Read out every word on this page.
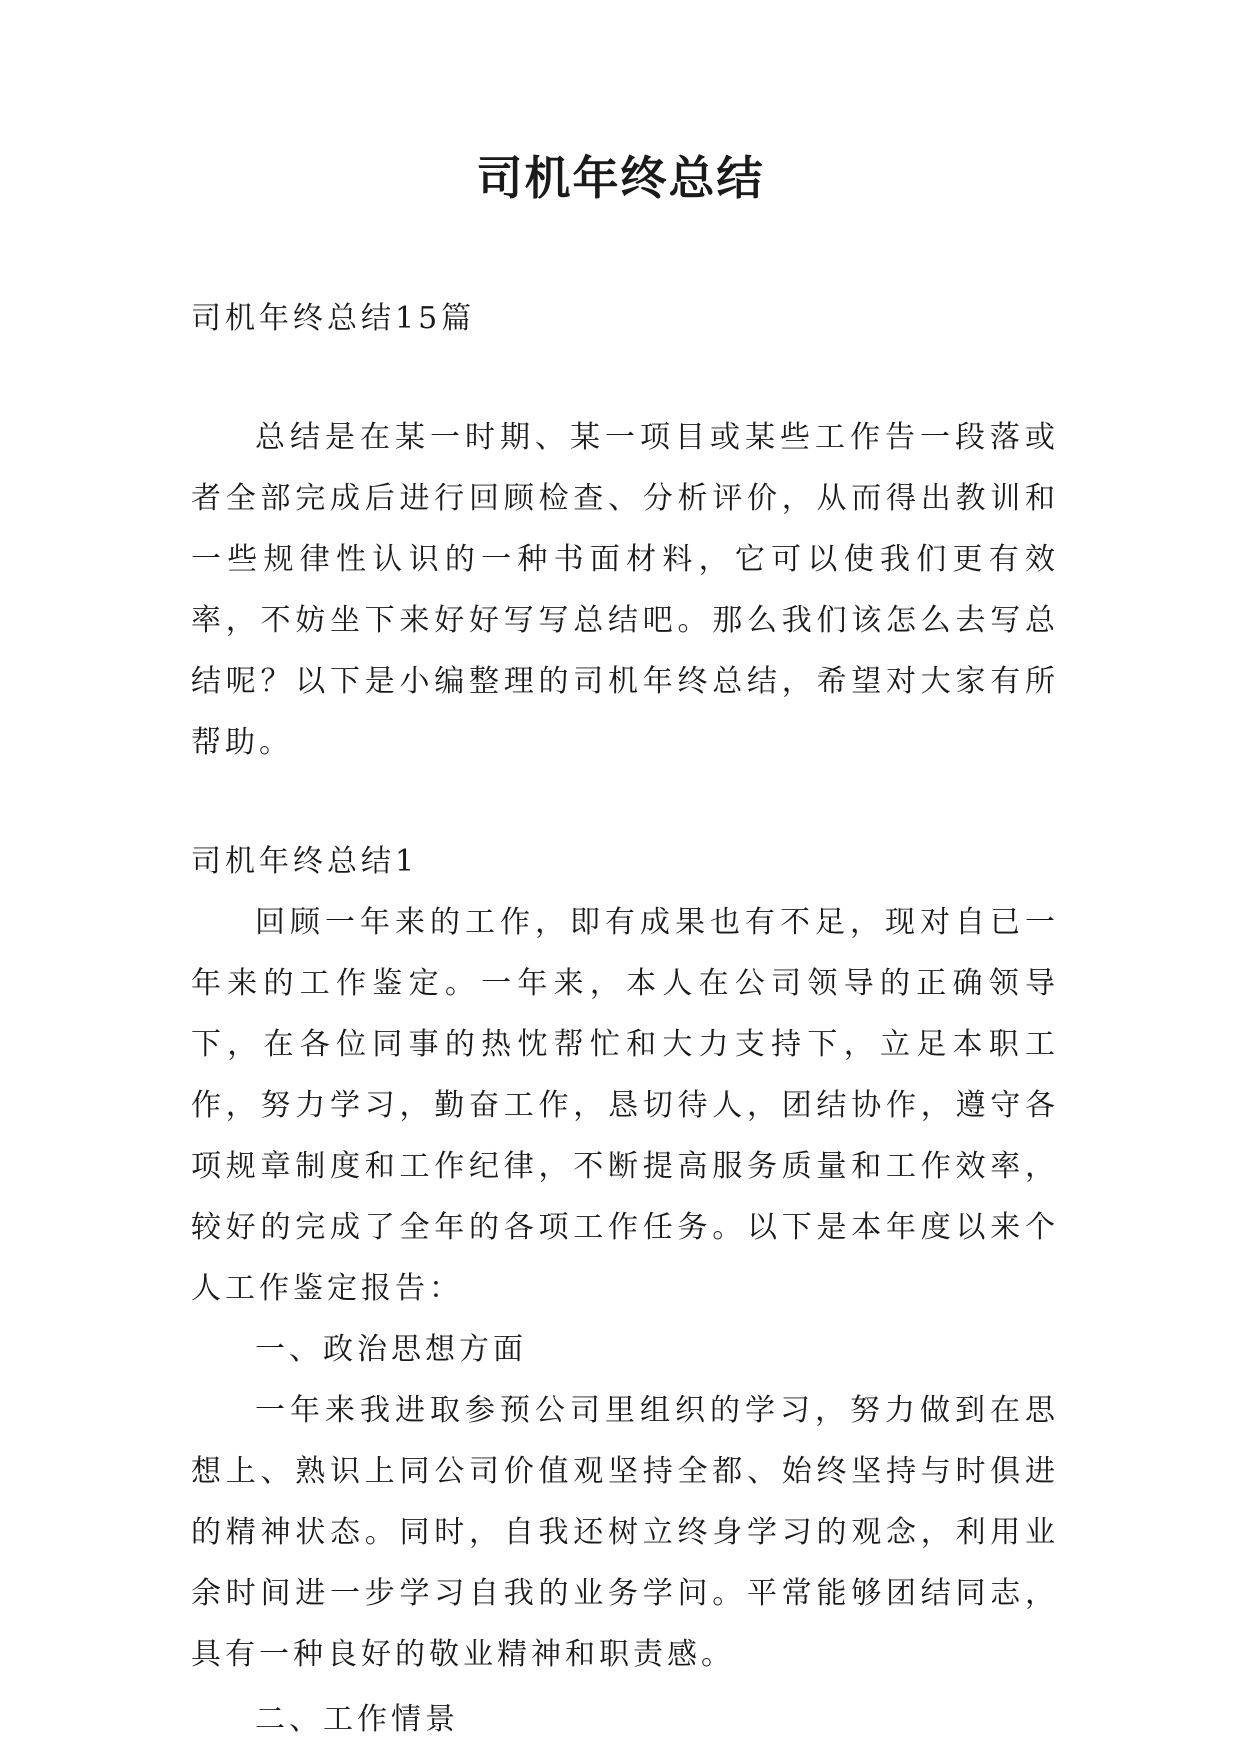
司机年终总结

司机年终总结15篇

总结是在某一时期、某一项目或某些工作告一段落或者全部完成后进行回顾检查、分析评价，从而得出教训和一些规律性认识的一种书面材料，它可以使我们更有效率，不妨坐下来好好写写总结吧。那么我们该怎么去写总结呢？以下是小编整理的司机年终总结，希望对大家有所帮助。

司机年终总结1

回顾一年来的工作，即有成果也有不足，现对自已一年来的工作鉴定。一年来，本人在公司领导的正确领导下，在各位同事的热忱帮忙和大力支持下，立足本职工作，努力学习，勤奋工作，恳切待人，团结协作，遵守各项规章制度和工作纪律，不断提高服务质量和工作效率，较好的完成了全年的各项工作任务。以下是本年度以来个人工作鉴定报告：

一、政治思想方面

一年来我进取参预公司里组织的学习，努力做到在思想上、熟识上同公司价值观坚持全都、始终坚持与时俱进的精神状态。同时，自我还树立终身学习的观念，利用业余时间进一步学习自我的业务学问。平常能够团结同志，具有一种良好的敬业精神和职责感。

二、工作情景
